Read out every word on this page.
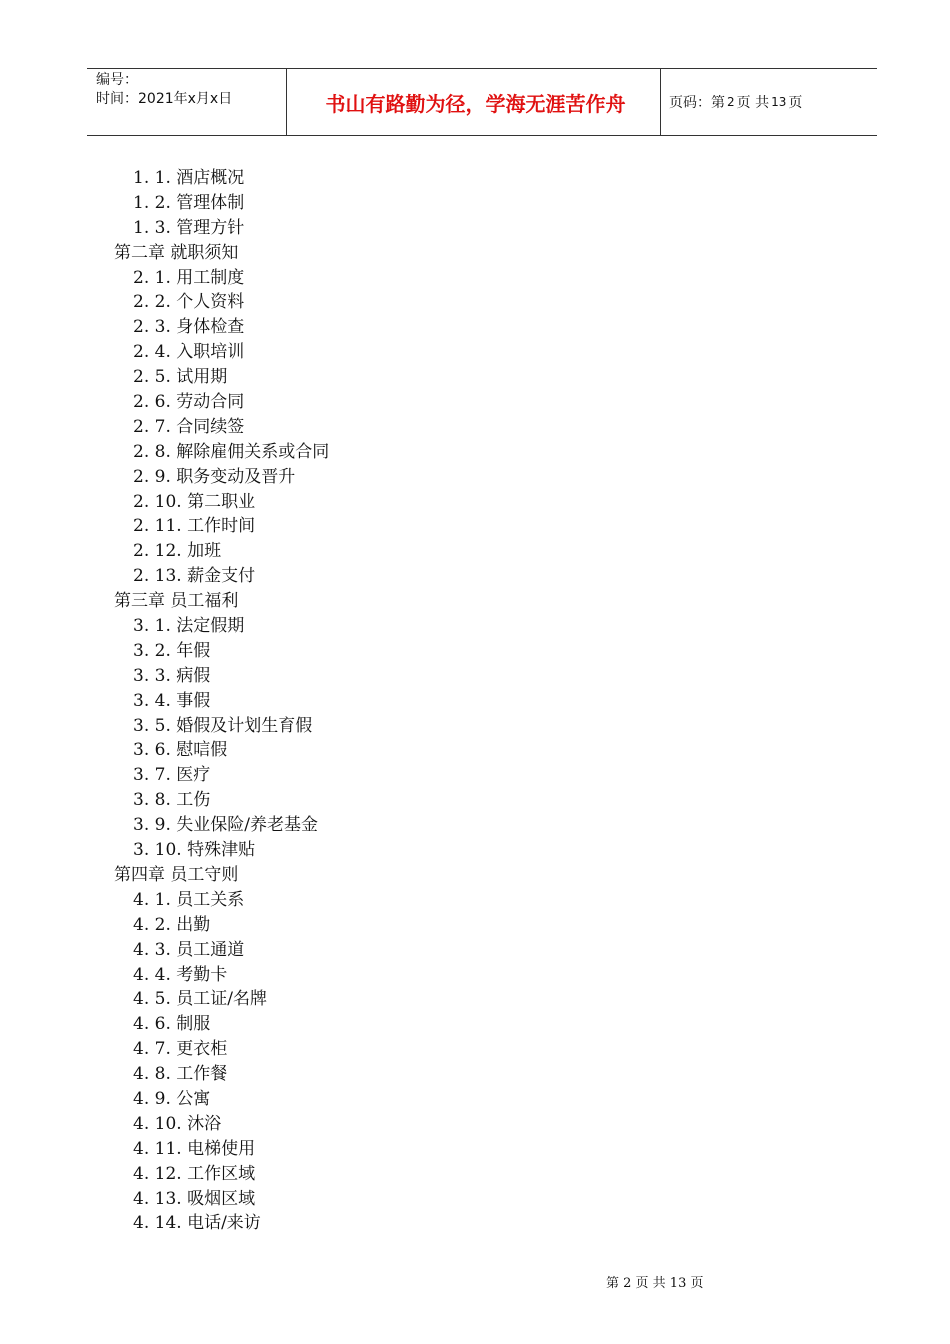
编号：
时间：2021年x月x日	书山有路勤为径，学海无涯苦作舟	页码：第 2 页 共 13 页
1. 1. 酒店概况
1. 2. 管理体制
1. 3. 管理方针
第二章 就职须知
2. 1. 用工制度
2. 2. 个人资料
2. 3. 身体检查
2. 4. 入职培训
2. 5. 试用期
2. 6. 劳动合同
2. 7. 合同续签
2. 8. 解除雇佣关系或合同
2. 9. 职务变动及晋升
2. 10. 第二职业
2. 11. 工作时间
2. 12. 加班
2. 13. 薪金支付
第三章 员工福利
3. 1. 法定假期
3. 2. 年假
3. 3. 病假
3. 4. 事假
3. 5. 婚假及计划生育假
3. 6. 慰唁假
3. 7. 医疗
3. 8. 工伤
3. 9. 失业保险/养老基金
3. 10. 特殊津贴
第四章 员工守则
4. 1. 员工关系
4. 2. 出勤
4. 3. 员工通道
4. 4. 考勤卡
4. 5. 员工证/名牌
4. 6. 制服
4. 7. 更衣柜
4. 8. 工作餐
4. 9. 公寓
4. 10. 沐浴
4. 11. 电梯使用
4. 12. 工作区域
4. 13. 吸烟区域
4. 14. 电话/来访
第 2 页 共 13 页
